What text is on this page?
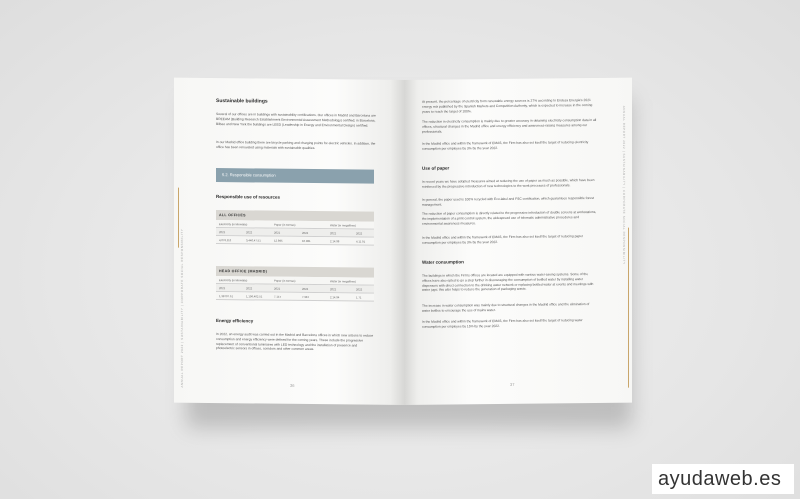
ANNUAL REPORT 2022 | SUSTAINABILITY | CORPORATE SOCIAL RESPONSIBILITY
Sustainable buildings

Several of our offices are in buildings with sustainability certifications. Our offices in Madrid and Barcelona are BREEAM (Building Research Establishment Environmental Assessment Methodology) certified; in Barcelona, Bilbao and New York the buildings are LEED (Leadership in Energy and Environmental Design) certified.

In our Madrid office building there are bicycle parking and charging points for electric vehicles. In addition, the office has been renovated using materials with sustainable qualities.

5.2. Responsible consumption
Responsible use of resources
ALL OFFICES
Electricity (in kilowatts)	Paper (in tonnes)	Water (in megalitres)
2021	2022	2021	2022	2021	2022
4,076,112	3,440,47.51	12.895	10.981	2.14.98	4.11.91
HEAD OFFICE (MADRID)
Electricity (in kilowatts)	Paper (in tonnes)	Water (in megalitres)
2021	2022	2021	2022	2021	2022
1,38797.51	1,196,402.51	7.14 t	7.98 t	2.14.94	1.71
Energy efficiency

In 2022, an energy audit was carried out in the Madrid and Barcelona offices in which new actions to reduce consumption and energy efficiency were defined for the coming years. These include the progressive replacement of conventional luminaires with LED technology and the installation of presence and photoelectric sensors in offices, corridors and other common areas.

36
ANNUAL REPORT 2022 | SUSTAINABILITY | CORPORATE SOCIAL RESPONSIBILITY

At present, the percentage of electricity from renewable energy sources is 27% according to Endesa Energia's 2021 energy mix published by the Spanish Markets and Competition Authority, which is expected to increase in the coming years to reach the target of 100%.

The reduction in electricity consumption is mainly due to greater accuracy in obtaining electricity consumption data in all offices, structural changes in the Madrid office and energy efficiency and awareness-raising measures among our professionals.

In the Madrid office and within the framework of EMAS, the Firm has also set itself the target of reducing electricity consumption per employee by 3% by the year 2022.

Use of paper

In recent years we have adopted measures aimed at reducing the use of paper as much as possible, which have been reinforced by the progressive introduction of new technologies to the work processes of professionals.

In general, the paper used is 100% recycled with Eco-label and FSC certification, which guarantees responsible forest management.

The reduction of paper consumption is directly related to the progressive introduction of double screens at workstations, the implementation of a print control system, the widespread use of telematic administrative procedures and environmental awareness measures.

In the Madrid office and within the framework of EMAS, the Firm has also set itself the target of reducing paper consumption per employee by 3% by the year 2022.

Water consumption

The buildings in which the Firm's offices are located are equipped with various water-saving systems. Some of the offices have also opted to go a step further in discouraging the consumption of bottled water by installing water dispensers with direct connection to the drinking water network or replacing bottled water at events and meetings with water jugs; this also helps to reduce the generation of packaging waste.

The increase in water consumption was mainly due to structural changes in the Madrid office and the elimination of water bottles to encourage the use of mains water.

In the Madrid office and within the framework of EMAS, the Firm has also set itself the target of reducing water consumption per employee by 15% by the year 2022.

37
ayudaweb.es
